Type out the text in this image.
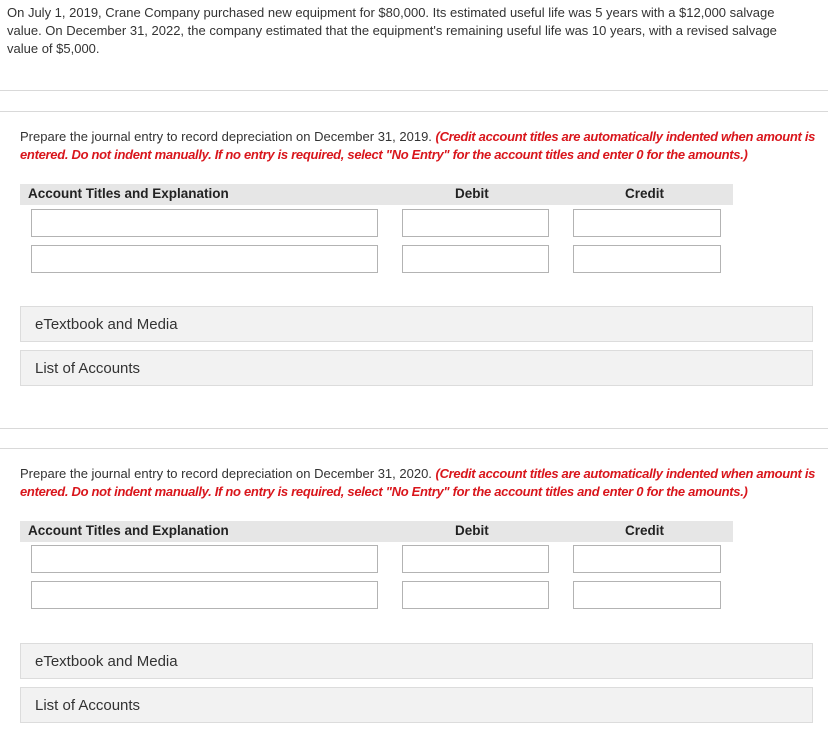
On July 1, 2019, Crane Company purchased new equipment for $80,000. Its estimated useful life was 5 years with a $12,000 salvage value. On December 31, 2022, the company estimated that the equipment's remaining useful life was 10 years, with a revised salvage value of $5,000.
Prepare the journal entry to record depreciation on December 31, 2019. (Credit account titles are automatically indented when amount is entered. Do not indent manually. If no entry is required, select "No Entry" for the account titles and enter 0 for the amounts.)
Account Titles and Explanation	Debit	Credit
eTextbook and Media
List of Accounts
Prepare the journal entry to record depreciation on December 31, 2020. (Credit account titles are automatically indented when amount is entered. Do not indent manually. If no entry is required, select "No Entry" for the account titles and enter 0 for the amounts.)
Account Titles and Explanation	Debit	Credit
eTextbook and Media
List of Accounts
